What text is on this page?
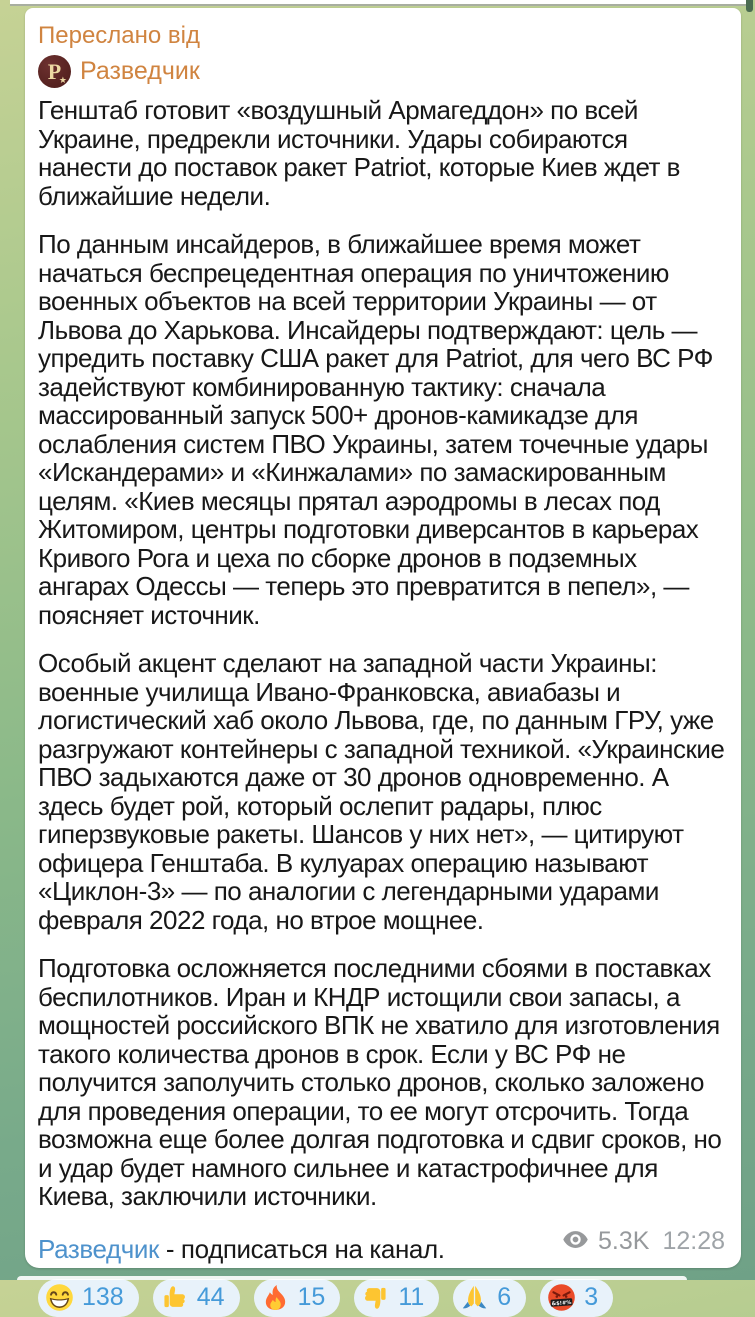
Переслано від
Р
★ Разведчик

Генштаб готовит «воздушный Армагеддон» по всей Украине, предрекли источники. Удары собираются нанести до поставок ракет Patriot, которые Киев ждет в ближайшие недели.

По данным инсайдеров, в ближайшее время может начаться беспрецедентная операция по уничтожению военных объектов на всей территории Украины — от Львова до Харькова. Инсайдеры подтверждают: цель — упредить поставку США ракет для Patriot, для чего ВС РФ задействуют комбинированную тактику: сначала массированный запуск 500+ дронов-камикадзе для ослабления систем ПВО Украины, затем точечные удары «Искандерами» и «Кинжалами» по замаскированным целям. «Киев месяцы прятал аэродромы в лесах под Житомиром, центры подготовки диверсантов в карьерах Кривого Рога и цеха по сборке дронов в подземных ангарах Одессы — теперь это превратится в пепел», — поясняет источник.

Особый акцент сделают на западной части Украины: военные училища Ивано-Франковска, авиабазы и логистический хаб около Львова, где, по данным ГРУ, уже разгружают контейнеры с западной техникой. «Украинские ПВО задыхаются даже от 30 дронов одновременно. А здесь будет рой, который ослепит радары, плюс гиперзвуковые ракеты. Шансов у них нет», — цитируют офицера Генштаба. В кулуарах операцию называют «Циклон-3» — по аналогии с легендарными ударами февраля 2022 года, но втрое мощнее.

Подготовка осложняется последними сбоями в поставках беспилотников. Иран и КНДР истощили свои запасы, а мощностей российского ВПК не хватило для изготовления такого количества дронов в срок. Если у ВС РФ не получится заполучить столько дронов, сколько заложено для проведения операции, то ее могут отсрочить. Тогда возможна еще более долгая подготовка и сдвиг сроков, но и удар будет намного сильнее и катастрофичнее для Киева, заключили источники.

Разведчик - подписаться на канал.
138	44	15	11	6	&$!#% 3
5.3K 12:28
